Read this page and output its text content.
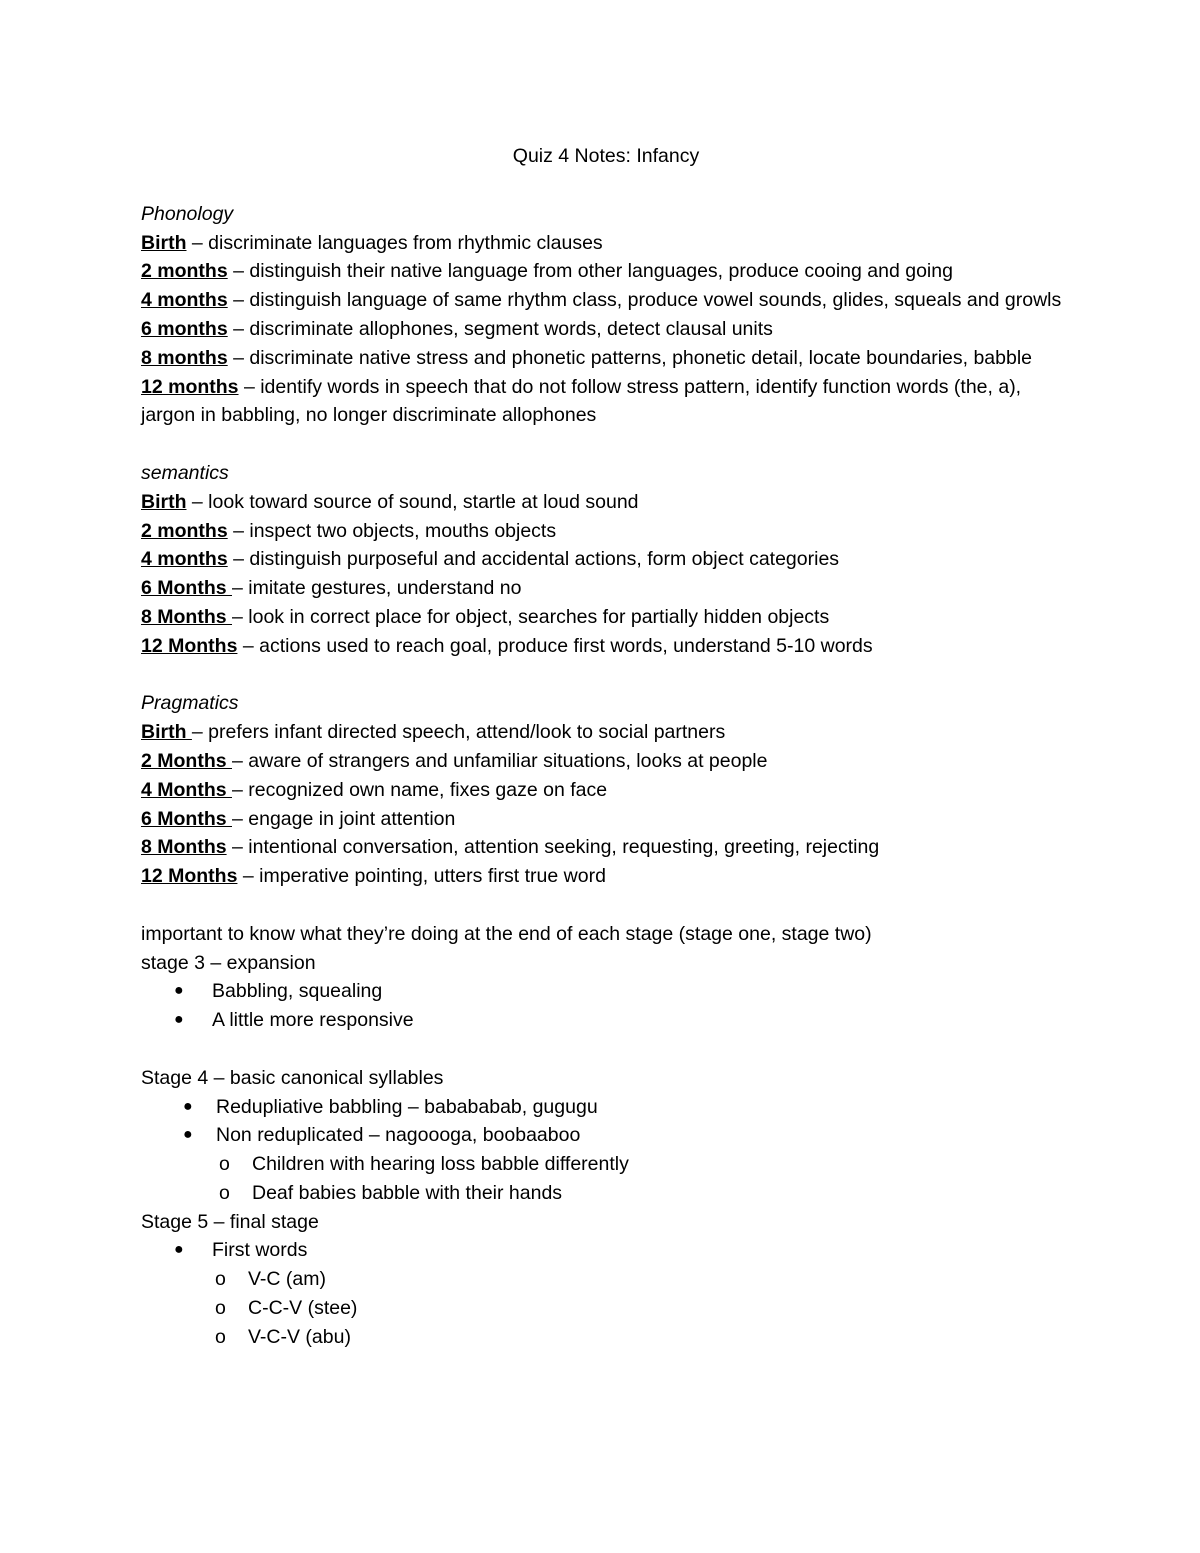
Quiz 4 Notes: Infancy

Phonology

Birth – discriminate languages from rhythmic clauses

2 months – distinguish their native language from other languages, produce cooing and going

4 months – distinguish language of same rhythm class, produce vowel sounds, glides, squeals and growls

6 months – discriminate allophones, segment words, detect clausal units

8 months – discriminate native stress and phonetic patterns, phonetic detail, locate boundaries, babble

12 months – identify words in speech that do not follow stress pattern, identify function words (the, a), jargon in babbling, no longer discriminate allophones

semantics

Birth – look toward source of sound, startle at loud sound

2 months – inspect two objects, mouths objects

4 months – distinguish purposeful and accidental actions, form object categories

6 Months – imitate gestures, understand no

8 Months – look in correct place for object, searches for partially hidden objects

12 Months – actions used to reach goal, produce first words, understand 5-10 words

Pragmatics

Birth – prefers infant directed speech, attend/look to social partners

2 Months – aware of strangers and unfamiliar situations, looks at people

4 Months – recognized own name, fixes gaze on face

6 Months – engage in joint attention

8 Months – intentional conversation, attention seeking, requesting, greeting, rejecting

12 Months – imperative pointing, utters first true word

important to know what they’re doing at the end of each stage (stage one, stage two)

stage 3 – expansion

● Babbling, squealing
● A little more responsive

Stage 4 – basic canonical syllables

● Redupliative babbling – babababab, gugugu
● Non reduplicated – nagoooga, boobaaboo
o Children with hearing loss babble differently
o Deaf babies babble with their hands

Stage 5 – final stage

● First words
o V-C (am)
o C-C-V (stee)
o V-C-V (abu)
